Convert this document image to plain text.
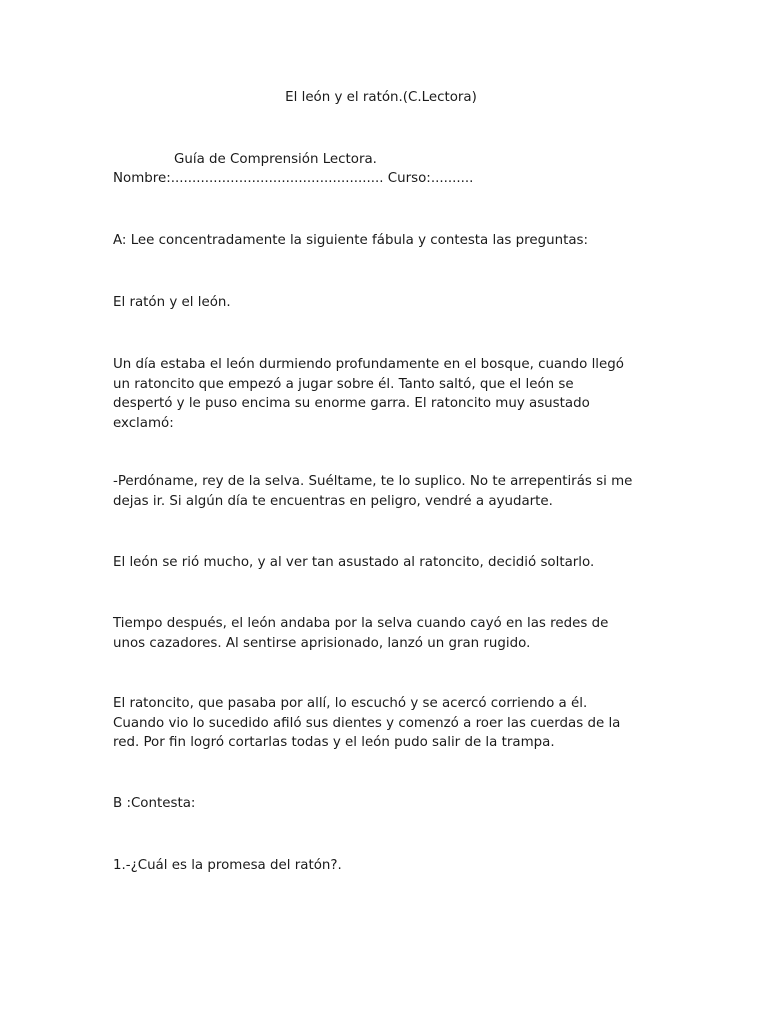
El león y el ratón.(C.Lectora)
Guía de Comprensión Lectora.
Nombre:.................................................. Curso:..........
A: Lee concentradamente la siguiente fábula y contesta las preguntas:
El ratón y el león.
Un día estaba el león durmiendo profundamente en el bosque, cuando llegó
un ratoncito que empezó a jugar sobre él. Tanto saltó, que el león se
despertó y le puso encima su enorme garra. El ratoncito muy asustado
exclamó:
-Perdóname, rey de la selva. Suéltame, te lo suplico. No te arrepentirás si me
dejas ir. Si algún día te encuentras en peligro, vendré a ayudarte.
El león se rió mucho, y al ver tan asustado al ratoncito, decidió soltarlo.
Tiempo después, el león andaba por la selva cuando cayó en las redes de
unos cazadores. Al sentirse aprisionado, lanzó un gran rugido.
El ratoncito, que pasaba por allí, lo escuchó y se acercó corriendo a él.
Cuando vio lo sucedido afiló sus dientes y comenzó a roer las cuerdas de la
red. Por fin logró cortarlas todas y el león pudo salir de la trampa.
B :Contesta:
1.-¿Cuál es la promesa del ratón?.
